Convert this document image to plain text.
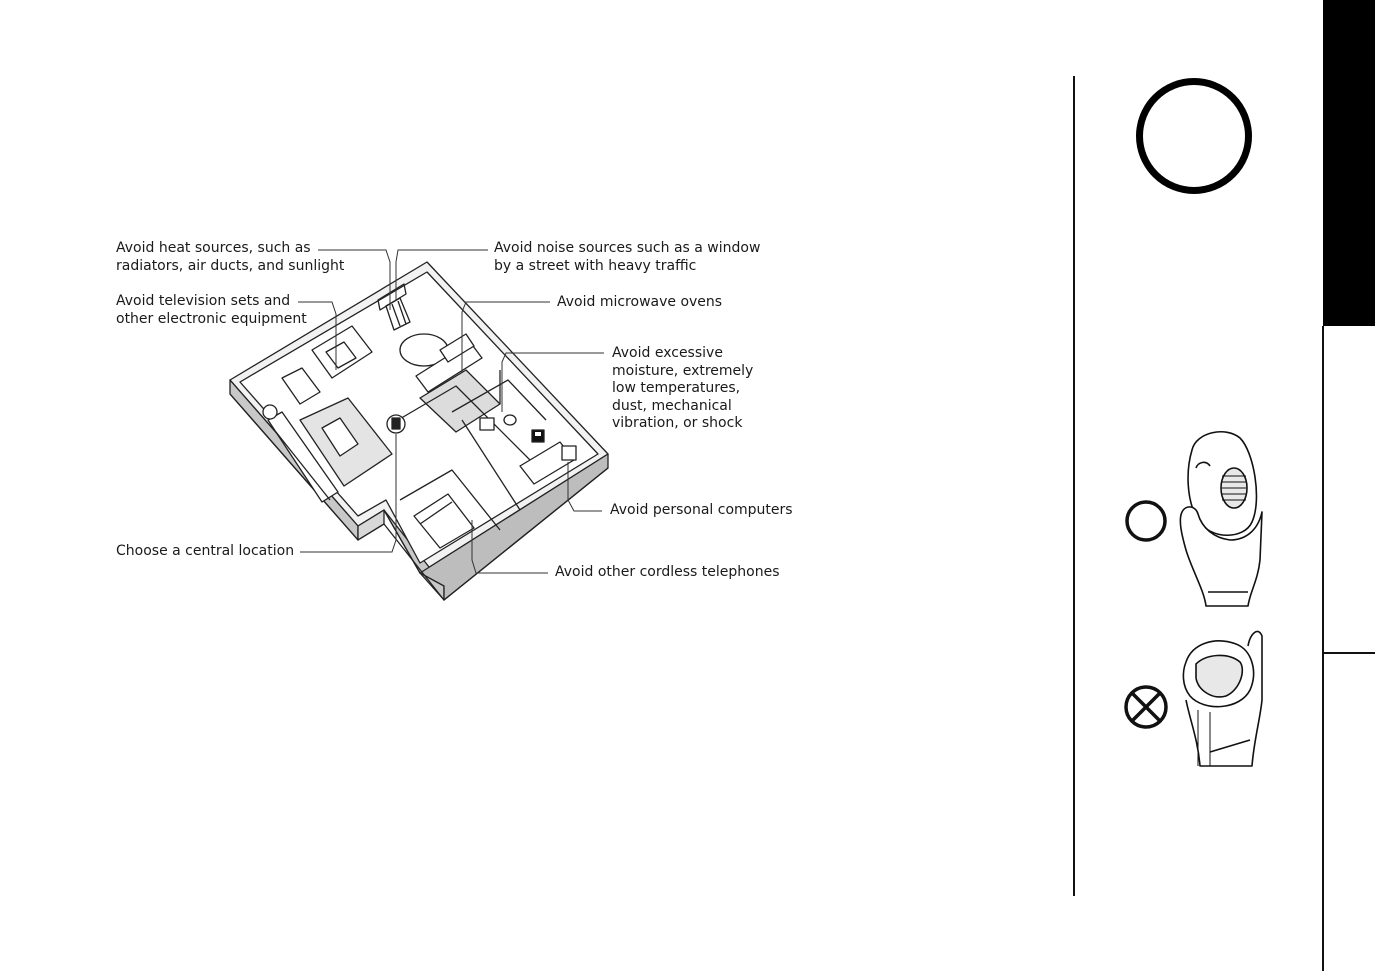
Avoid heat sources, such as
radiators, air ducts, and sunlight
Avoid television sets and
other electronic equipment
Avoid noise sources such as a window
by a street with heavy traffic
Avoid microwave ovens
Avoid excessive
moisture, extremely
low temperatures,
dust, mechanical
vibration, or shock
Avoid personal computers
Choose a central location
Avoid other cordless telephones
